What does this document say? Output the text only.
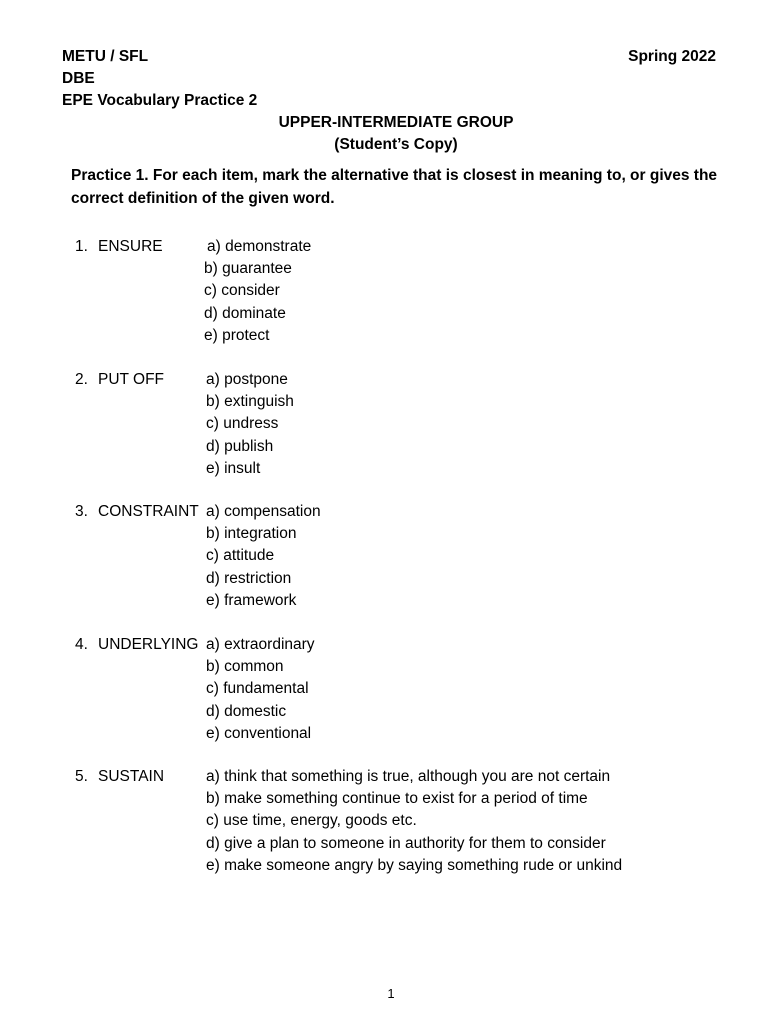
METU / SFL
DBE
EPE Vocabulary Practice 2
Spring 2022
UPPER-INTERMEDIATE GROUP
(Student’s Copy)
Practice 1. For each item, mark the alternative that is closest in meaning to, or gives the correct definition of the given word.
1. ENSURE	a) demonstrate
b) guarantee
c) consider
d) dominate
e) protect
2. PUT OFF	a) postpone
b) extinguish
c) undress
d) publish
e) insult
3. CONSTRAINT a) compensation
b) integration
c) attitude
d) restriction
e) framework
4. UNDERLYING a) extraordinary
b) common
c) fundamental
d) domestic
e) conventional
5. SUSTAIN	a) think that something is true, although you are not certain
b) make something continue to exist for a period of time
c) use time, energy, goods etc.
d) give a plan to someone in authority for them to consider
e) make someone angry by saying something rude or unkind
1
